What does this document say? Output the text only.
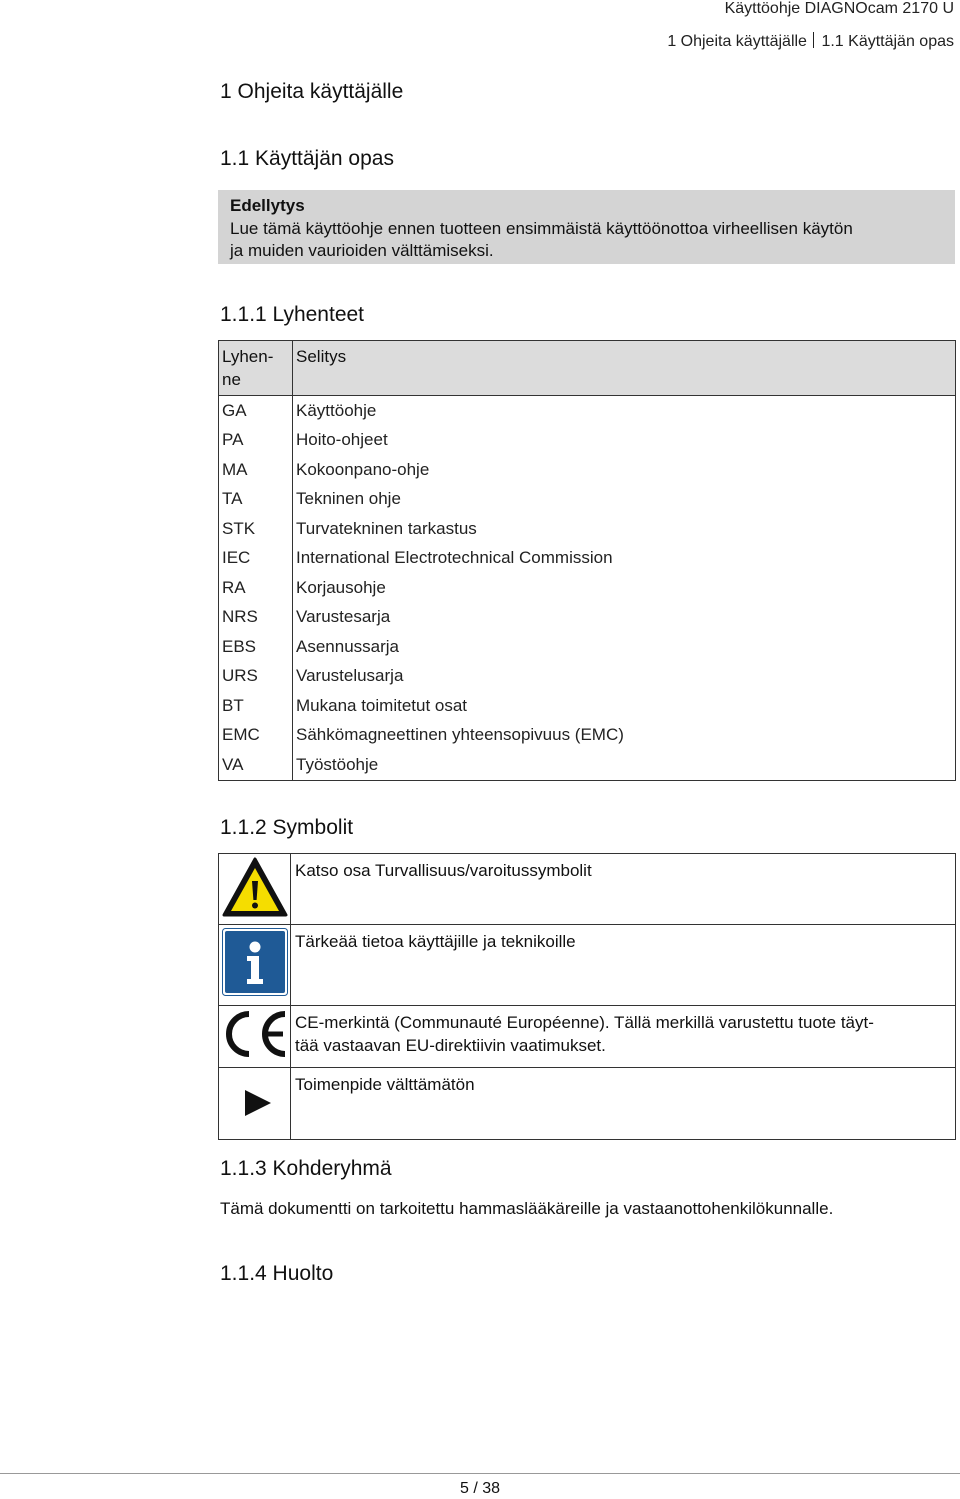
Käyttöohje DIAGNOcam 2170 U
1 Ohjeita käyttäjälle 1.1 Käyttäjän opas
1 Ohjeita käyttäjälle
1.1 Käyttäjän opas
Edellytys
Lue tämä käyttöohje ennen tuotteen ensimmäistä käyttöönottoa virheellisen käytön
ja muiden vaurioiden välttämiseksi.
1.1.1 Lyhenteet
Lyhen-
ne	Selitys
GA	Käyttöohje
PA	Hoito-ohjeet
MA	Kokoonpano-ohje
TA	Tekninen ohje
STK	Turvatekninen tarkastus
IEC	International Electrotechnical Commission
RA	Korjausohje
NRS	Varustesarja
EBS	Asennussarja
URS	Varustelusarja
BT	Mukana toimitetut osat
EMC	Sähkömagneettinen yhteensopivuus (EMC)
VA	Työstöohje
1.1.2 Symbolit
	Katso osa Turvallisuus/varoitussymbolit

	Tärkeää tietoa käyttäjille ja teknikoille

	CE-merkintä (Communauté Européenne). Tällä merkillä varustettu tuote täyt-
tää vastaavan EU-direktiivin vaatimukset.

	Toimenpide välttämätön
1.1.3 Kohderyhmä
Tämä dokumentti on tarkoitettu hammaslääkäreille ja vastaanottohenkilökunnalle.
1.1.4 Huolto
5 / 38
